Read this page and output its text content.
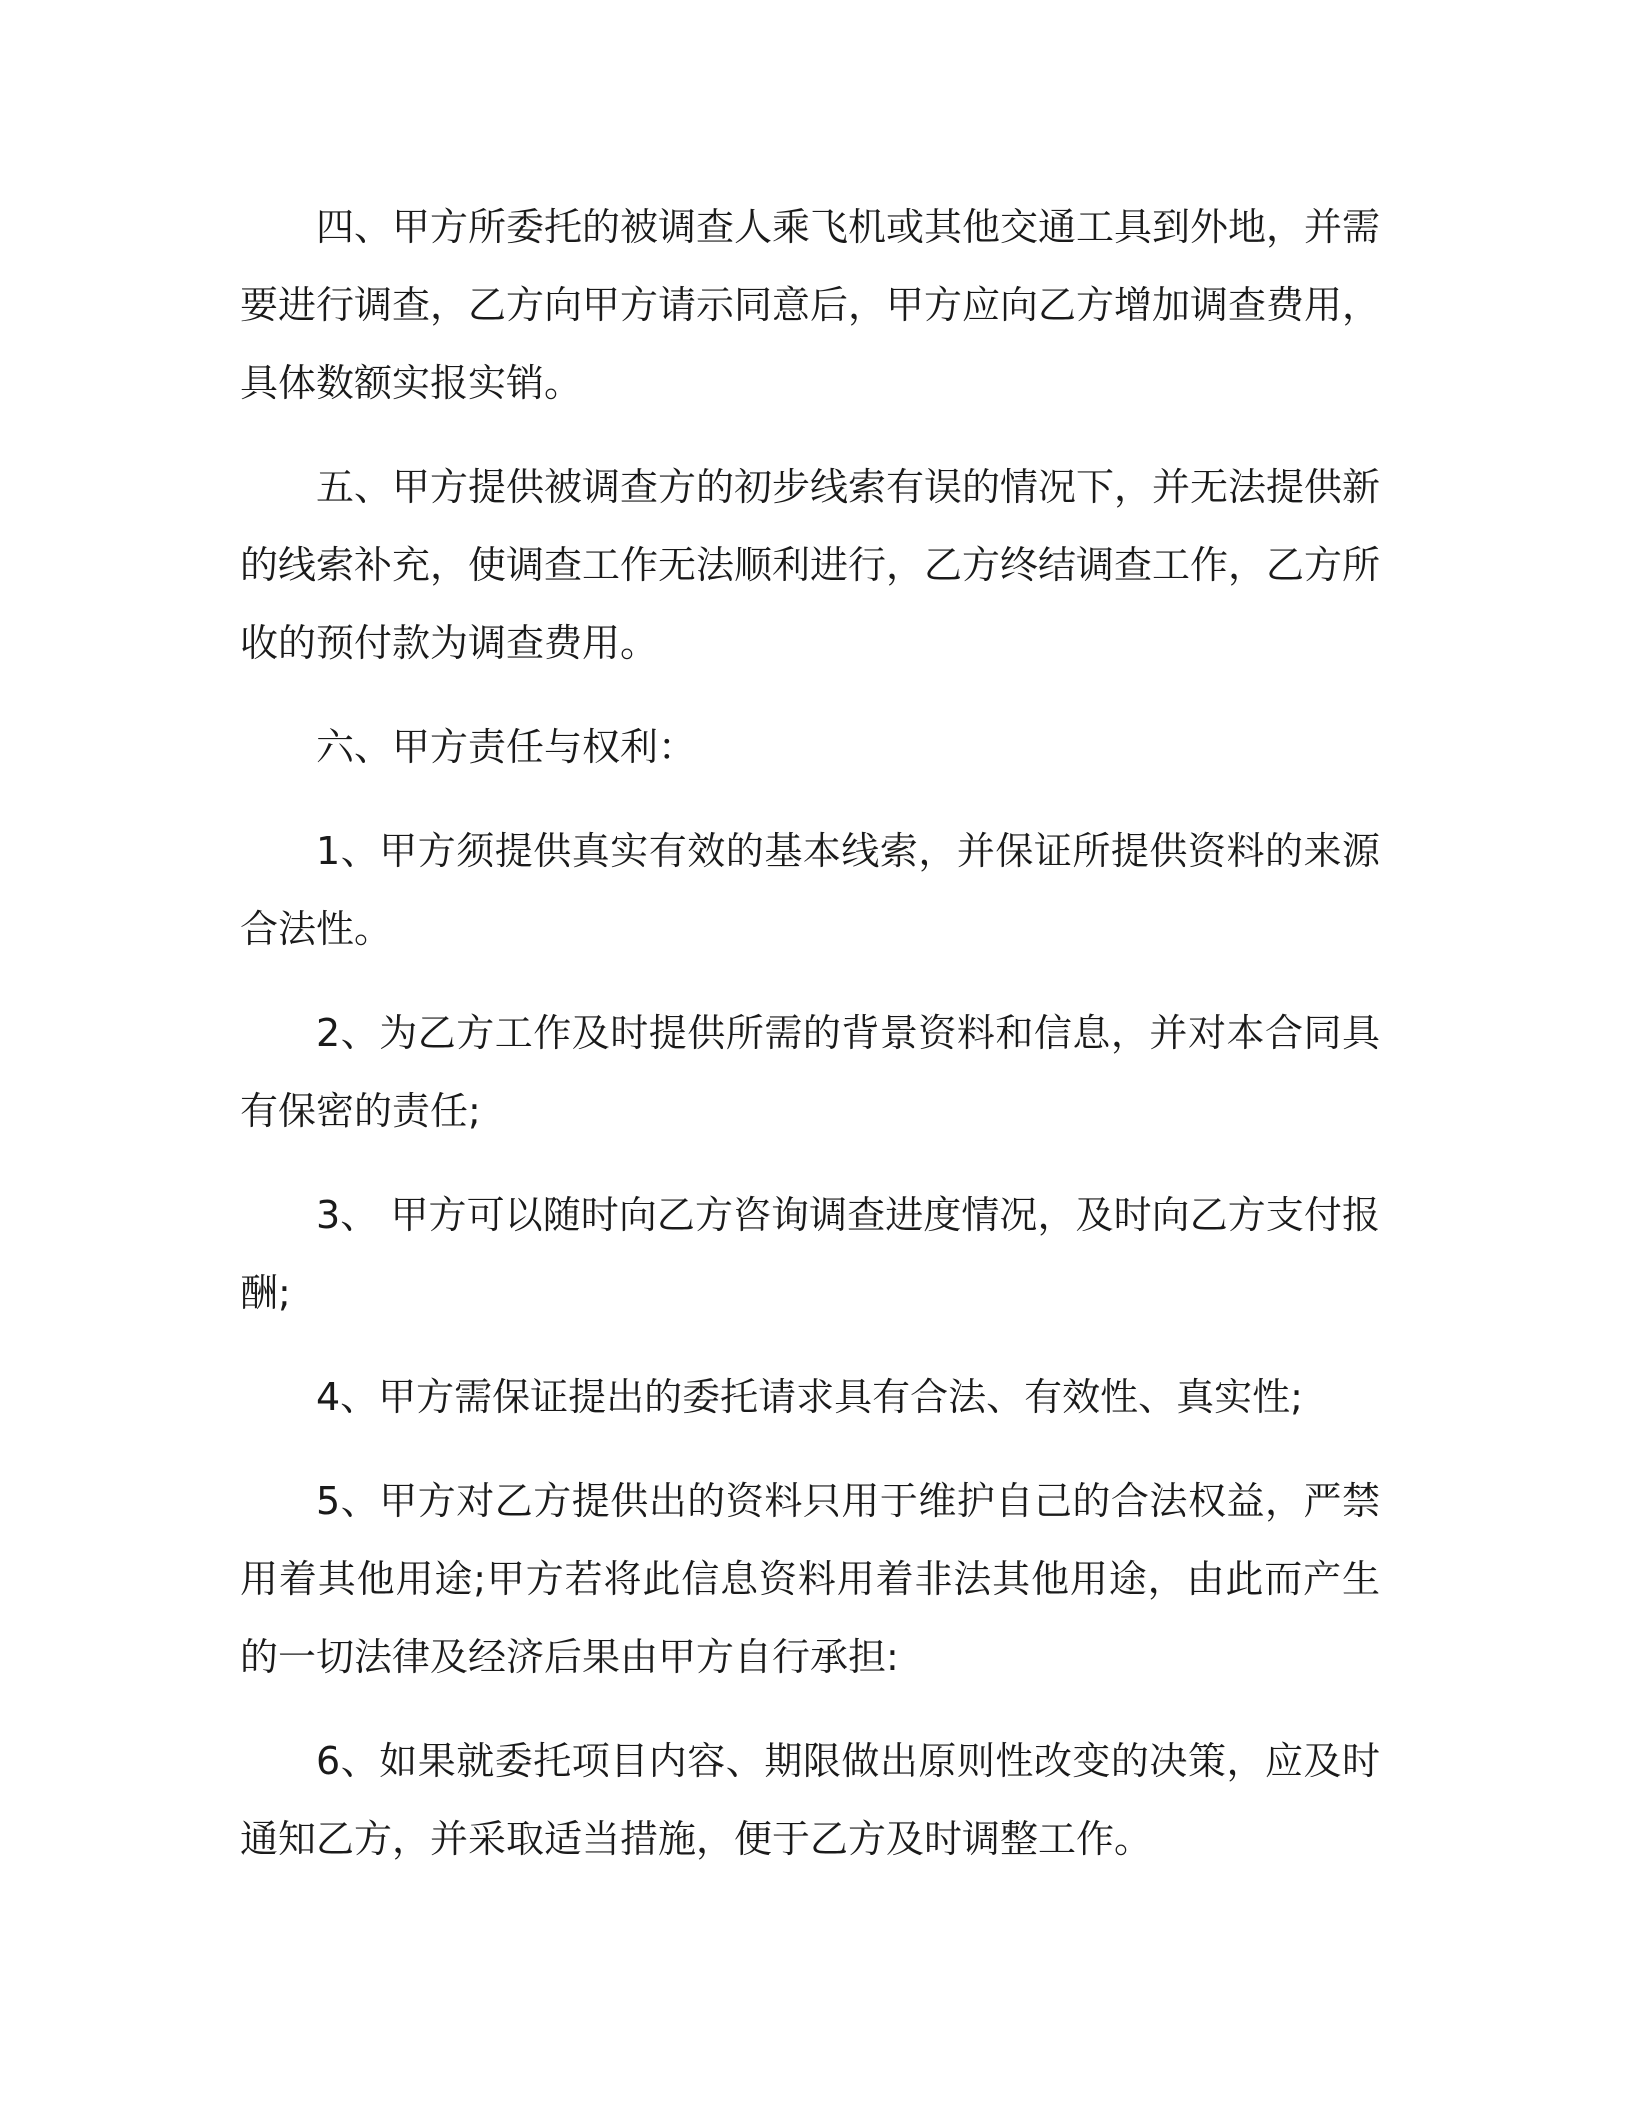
四、甲方所委托的被调查人乘飞机或其他交通工具到外地，并需要进行调查，乙方向甲方请示同意后，甲方应向乙方增加调查费用，具体数额实报实销。

五、甲方提供被调查方的初步线索有误的情况下，并无法提供新的线索补充，使调查工作无法顺利进行，乙方终结调查工作，乙方所收的预付款为调查费用。

六、甲方责任与权利：

1、甲方须提供真实有效的基本线索，并保证所提供资料的来源合法性。

2、为乙方工作及时提供所需的背景资料和信息，并对本合同具有保密的责任;

3、 甲方可以随时向乙方咨询调查进度情况，及时向乙方支付报酬;

4、甲方需保证提出的委托请求具有合法、有效性、真实性;

5、甲方对乙方提供出的资料只用于维护自己的合法权益，严禁用着其他用途;甲方若将此信息资料用着非法其他用途，由此而产生的一切法律及经济后果由甲方自行承担:

6、如果就委托项目内容、期限做出原则性改变的决策，应及时通知乙方，并采取适当措施，便于乙方及时调整工作。
